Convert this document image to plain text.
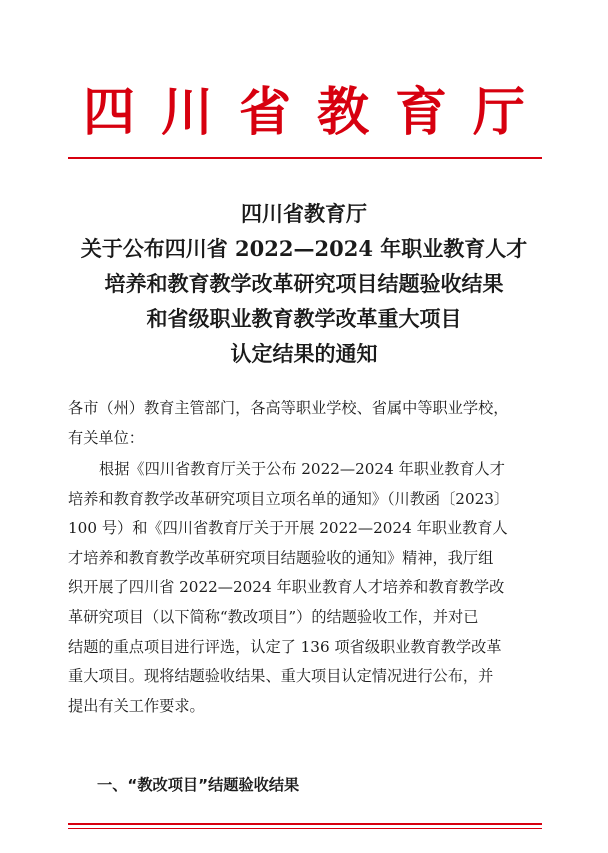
四川省教育厅
四川省教育厅
关于公布四川省 2022—2024 年职业教育人才
培养和教育教学改革研究项目结题验收结果
和省级职业教育教学改革重大项目
认定结果的通知
各市（州）教育主管部门，各高等职业学校、省属中等职业学校，
有关单位：
根据《四川省教育厅关于公布 2022—2024 年职业教育人才
培养和教育教学改革研究项目立项名单的通知》（川教函〔2023〕
100 号）和《四川省教育厅关于开展 2022—2024 年职业教育人
才培养和教育教学改革研究项目结题验收的通知》精神，我厅组
织开展了四川省 2022—2024 年职业教育人才培养和教育教学改
革研究项目（以下简称“教改项目”）的结题验收工作，并对已
结题的重点项目进行评选，认定了 136 项省级职业教育教学改革
重大项目。现将结题验收结果、重大项目认定情况进行公布，并
提出有关工作要求。
一、“教改项目”结题验收结果
